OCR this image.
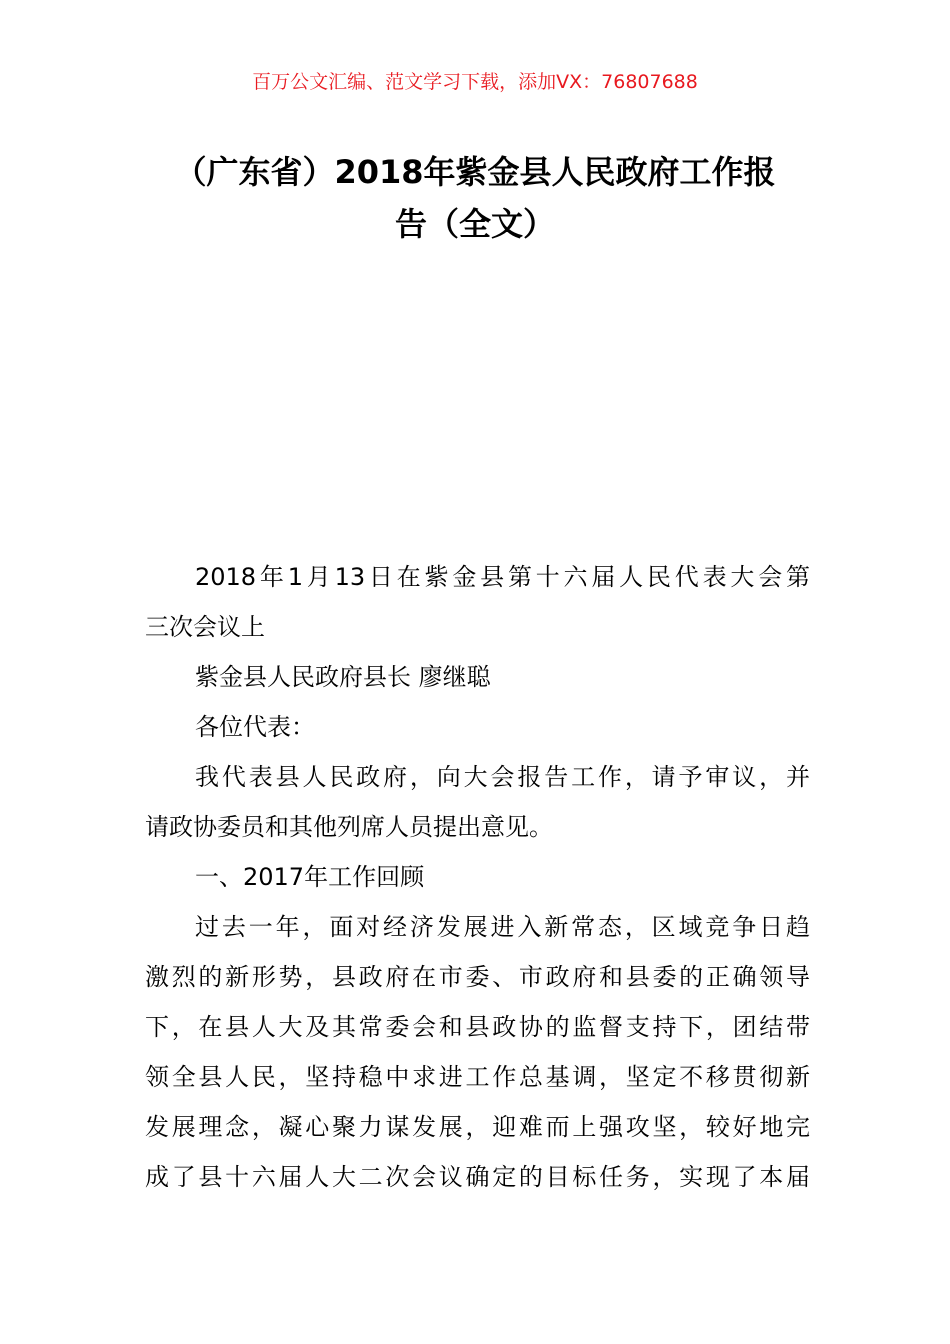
百万公文汇编、范文学习下载，添加VX：76807688
（广东省）2018年紫金县人民政府工作报
告（全文）
2018年1月13日在紫金县第十六届人民代表大会第
三次会议上
紫金县人民政府县长 廖继聪
各位代表：
我代表县人民政府，向大会报告工作，请予审议，并
请政协委员和其他列席人员提出意见。
一、2017年工作回顾
过去一年，面对经济发展进入新常态，区域竞争日趋
激烈的新形势，县政府在市委、市政府和县委的正确领导
下，在县人大及其常委会和县政协的监督支持下，团结带
领全县人民，坚持稳中求进工作总基调，坚定不移贯彻新
发展理念，凝心聚力谋发展，迎难而上强攻坚，较好地完
成了县十六届人大二次会议确定的目标任务，实现了本届
